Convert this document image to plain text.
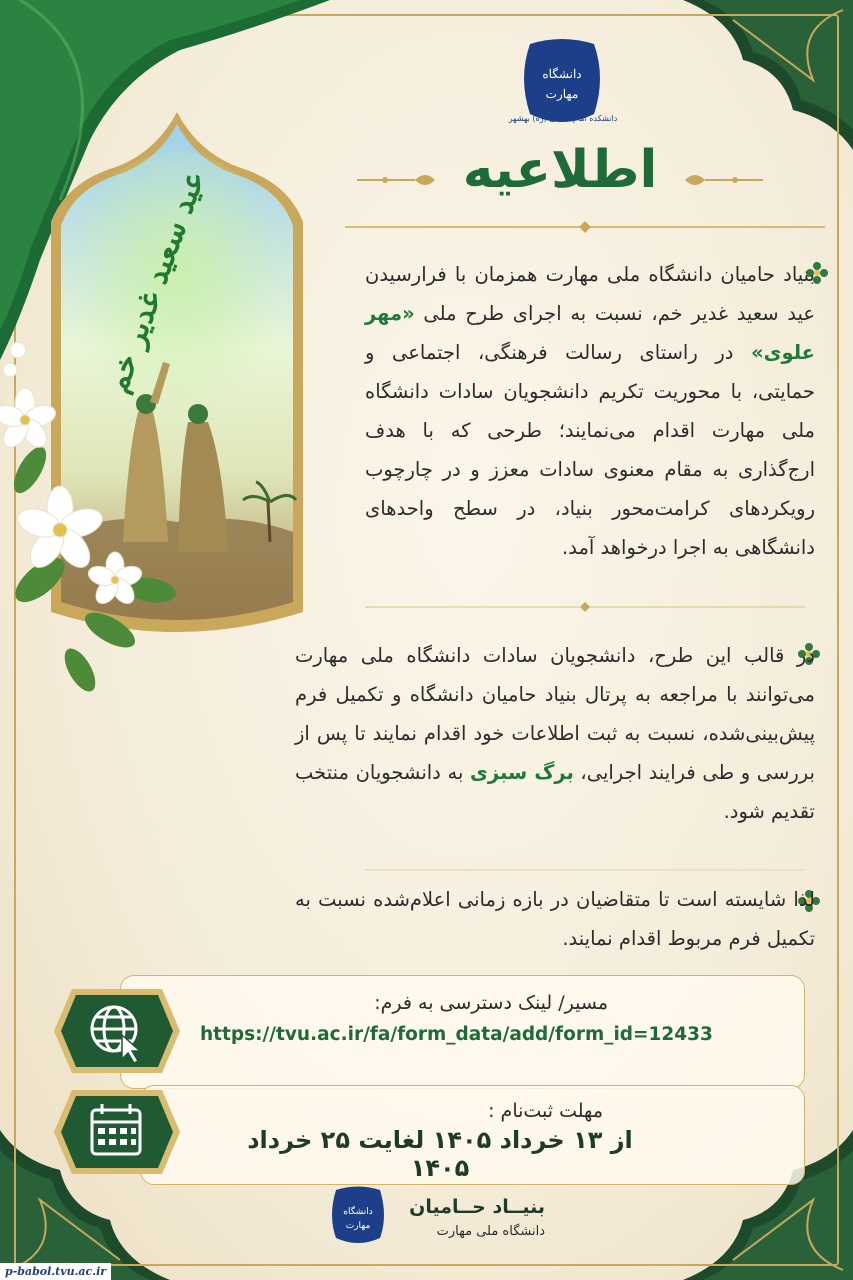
عید سعید غدیر خم
دانشگاه
مهارت
دانشکده امام خمینی (ره) بهشهر
اطلاعیه
بنیاد حامیان دانشگاه ملی مهارت همزمان با فرارسیدن عید سعید غدیر خم، نسبت به اجرای طرح ملی «مهر علوی» در راستای رسالت فرهنگی، اجتماعی و حمایتی، با محوریت تکریم دانشجویان سادات دانشگاه ملی مهارت اقدام می‌نمایند؛ طرحی که با هدف ارج‌گذاری به مقام معنوی سادات معزز و در چارچوب رویکردهای کرامت‌محور بنیاد، در سطح واحدهای دانشگاهی به اجرا درخواهد آمد.
در قالب این طرح، دانشجویان سادات دانشگاه ملی مهارت می‌توانند با مراجعه به پرتال بنیاد حامیان دانشگاه و تکمیل فرم پیش‌بینی‌شده، نسبت به ثبت اطلاعات خود اقدام نمایند تا پس از بررسی و طی فرایند اجرایی، برگ سبزی به دانشجویان منتخب تقدیم شود.
لذا شایسته است تا متقاضیان در بازه زمانی اعلام‌شده نسبت به تکمیل فرم مربوط اقدام نمایند.
مسیر/ لینک دسترسی به فرم:
https://tvu.ac.ir/fa/form_data/add/form_id=12433
مهلت ثبت‌نام :
از ۱۳ خرداد ۱۴۰۵ لغایت ۲۵ خرداد ۱۴۰۵
دانشگاه
مهارت
بنیــاد حــامیان
دانشگاه ملی مهارت
p-babol.tvu.ac.ir
